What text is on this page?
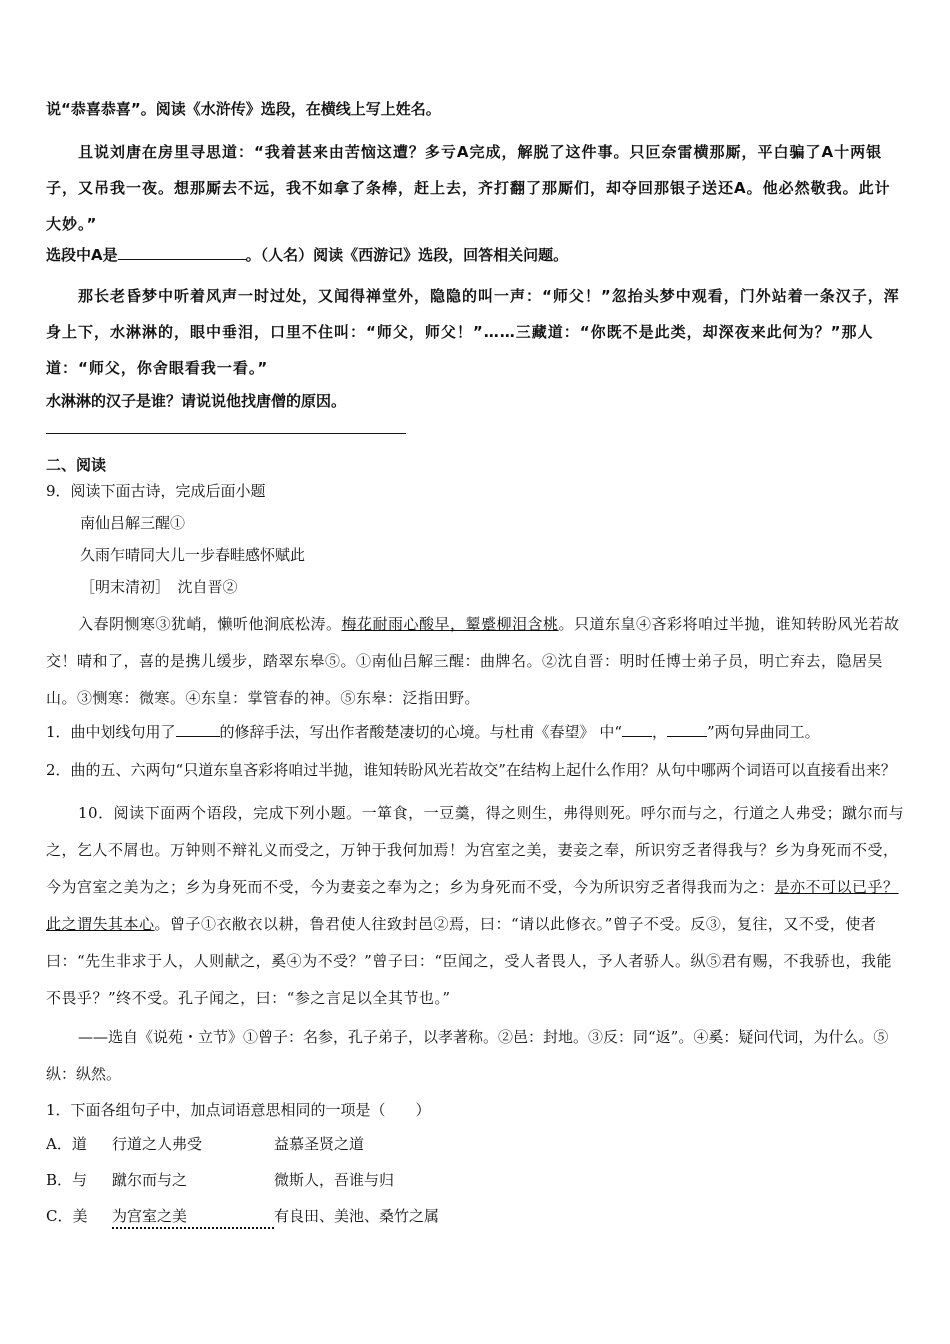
说“恭喜恭喜”。阅读《水浒传》选段，在横线上写上姓名。

且说刘唐在房里寻思道：“我着甚来由苦恼这遭？多亏A完成，解脱了这件事。只叵奈雷横那厮，平白骗了A十两银子，又吊我一夜。想那厮去不远，我不如拿了条棒，赶上去，齐打翻了那厮们，却夺回那银子送还A。他必然敬我。此计大妙。”

选段中A是	。（人名）阅读《西游记》选段，回答相关问题。

那长老昏梦中听着风声一时过处，又闻得禅堂外，隐隐的叫一声：“师父！”忽抬头梦中观看，门外站着一条汉子，浑身上下，水淋淋的，眼中垂泪，口里不住叫：“师父，师父！”……三藏道：“你既不是此类，却深夜来此何为？”那人道：“师父，你舍眼看我一看。”

水淋淋的汉子是谁？请说说他找唐僧的原因。

二、阅读

9．阅读下面古诗，完成后面小题

南仙吕解三醒①

久雨乍晴同大儿一步春畦感怀赋此

［明末清初］　沈自晋②

入春阴恻寒③犹峭，懒听他涧底松涛。梅花耐雨心酸早，颦蹙柳泪含桃。只道东皇④吝彩将咱过半抛，谁知转盼风光若故交！晴和了，喜的是携儿缓步，踏翠东皋⑤。①南仙吕解三醒：曲牌名。②沈自晋：明时任博士弟子员，明亡弃去，隐居吴山。③恻寒：微寒。④东皇：掌管春的神。⑤东皋：泛指田野。

1．曲中划线句用了	的修辞手法，写出作者酸楚凄切的心境。与杜甫《春望》 中“ ，	”两句异曲同工。

2．曲的五、六两句“只道东皇吝彩将咱过半抛，谁知转盼风光若故交”在结构上起什么作用？从句中哪两个词语可以直接看出来？

10．阅读下面两个语段，完成下列小题。一箪食，一豆羹，得之则生，弗得则死。呼尔而与之，行道之人弗受；蹴尔而与之，乞人不屑也。万钟则不辩礼义而受之，万钟于我何加焉！为宫室之美，妻妾之奉，所识穷乏者得我与？乡为身死而不受，今为宫室之美为之；乡为身死而不受，今为妻妾之奉为之；乡为身死而不受，今为所识穷乏者得我而为之：是亦不可以已乎？此之谓失其本心。曾子①衣敝衣以耕，鲁君使人往致封邑②焉，曰：“请以此修衣。”曾子不受。反③，复往，又不受，使者曰：“先生非求于人，人则献之，奚④为不受？”曾子曰：“臣闻之，受人者畏人，予人者骄人。纵⑤君有赐，不我骄也，我能不畏乎？”终不受。孔子闻之，曰：“参之言足以全其节也。”

——选自《说苑・立节》①曾子：名参，孔子弟子，以孝著称。②邑：封地。③反：同“返”。④奚：疑问代词，为什么。⑤纵：纵然。

1．下面各组句子中，加点词语意思相同的一项是（　　）

A．道	行道之人弗受	益慕圣贤之道
B．与	蹴尔而与之	微斯人，吾谁与归
C．美	为宫室之美	有良田、美池、桑竹之属
